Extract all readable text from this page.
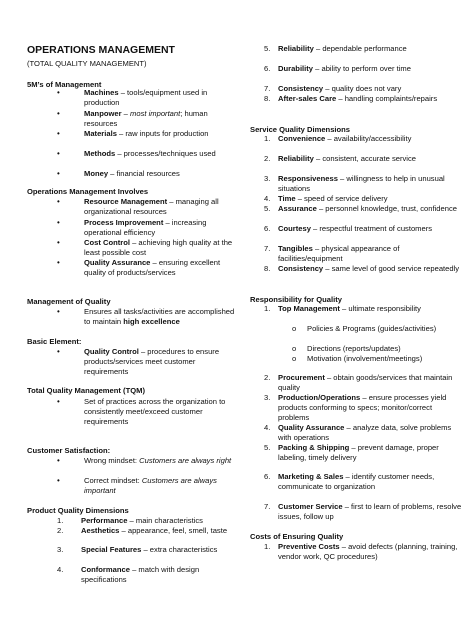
OPERATIONS MANAGEMENT
(TOTAL QUALITY MANAGEMENT)
5M’s of Management
•	Machines – tools/equipment used in production
•	Manpower – most important; human resources
•	Materials – raw inputs for production
•	Methods – processes/techniques used
•	Money – financial resources
Operations Management Involves
•	Resource Management – managing all organizational resources
•	Process Improvement – increasing operational efficiency
•	Cost Control – achieving high quality at the least possible cost
•	Quality Assurance – ensuring excellent quality of products/services
Management of Quality
•	Ensures all tasks/activities are accomplished to maintain high excellence
Basic Element:
•	Quality Control – procedures to ensure products/services meet customer requirements
Total Quality Management (TQM)
•	Set of practices across the organization to consistently meet/exceed customer requirements
Customer Satisfaction:
•	Wrong mindset: Customers are always right
•	Correct mindset: Customers are always important
Product Quality Dimensions
1.	Performance – main characteristics
2.	Aesthetics – appearance, feel, smell, taste
3.	Special Features – extra characteristics
4.	Conformance – match with design specifications
5.	Reliability – dependable performance
6.	Durability – ability to perform over time
7.	Consistency – quality does not vary
8.	After-sales Care – handling complaints/repairs
Service Quality Dimensions
1.	Convenience – availability/accessibility
2.	Reliability – consistent, accurate service
3.	Responsiveness – willingness to help in unusual situations
4.	Time – speed of service delivery
5.	Assurance – personnel knowledge, trust, confidence
6.	Courtesy – respectful treatment of customers
7.	Tangibles – physical appearance of facilities/equipment
8.	Consistency – same level of good service repeatedly
Responsibility for Quality
1.	Top Management – ultimate responsibility
o	Policies & Programs (guides/activities)
o	Directions (reports/updates)
o	Motivation (involvement/meetings)
2.	Procurement – obtain goods/services that maintain quality
3.	Production/Operations – ensure processes yield products conforming to specs; monitor/correct problems
4.	Quality Assurance – analyze data, solve problems with operations
5.	Packing & Shipping – prevent damage, proper labeling, timely delivery
6.	Marketing & Sales – identify customer needs, communicate to organization
7.	Customer Service – first to learn of problems, resolve issues, follow up
Costs of Ensuring Quality
1.	Preventive Costs – avoid defects (planning, training, vendor work, QC procedures)
